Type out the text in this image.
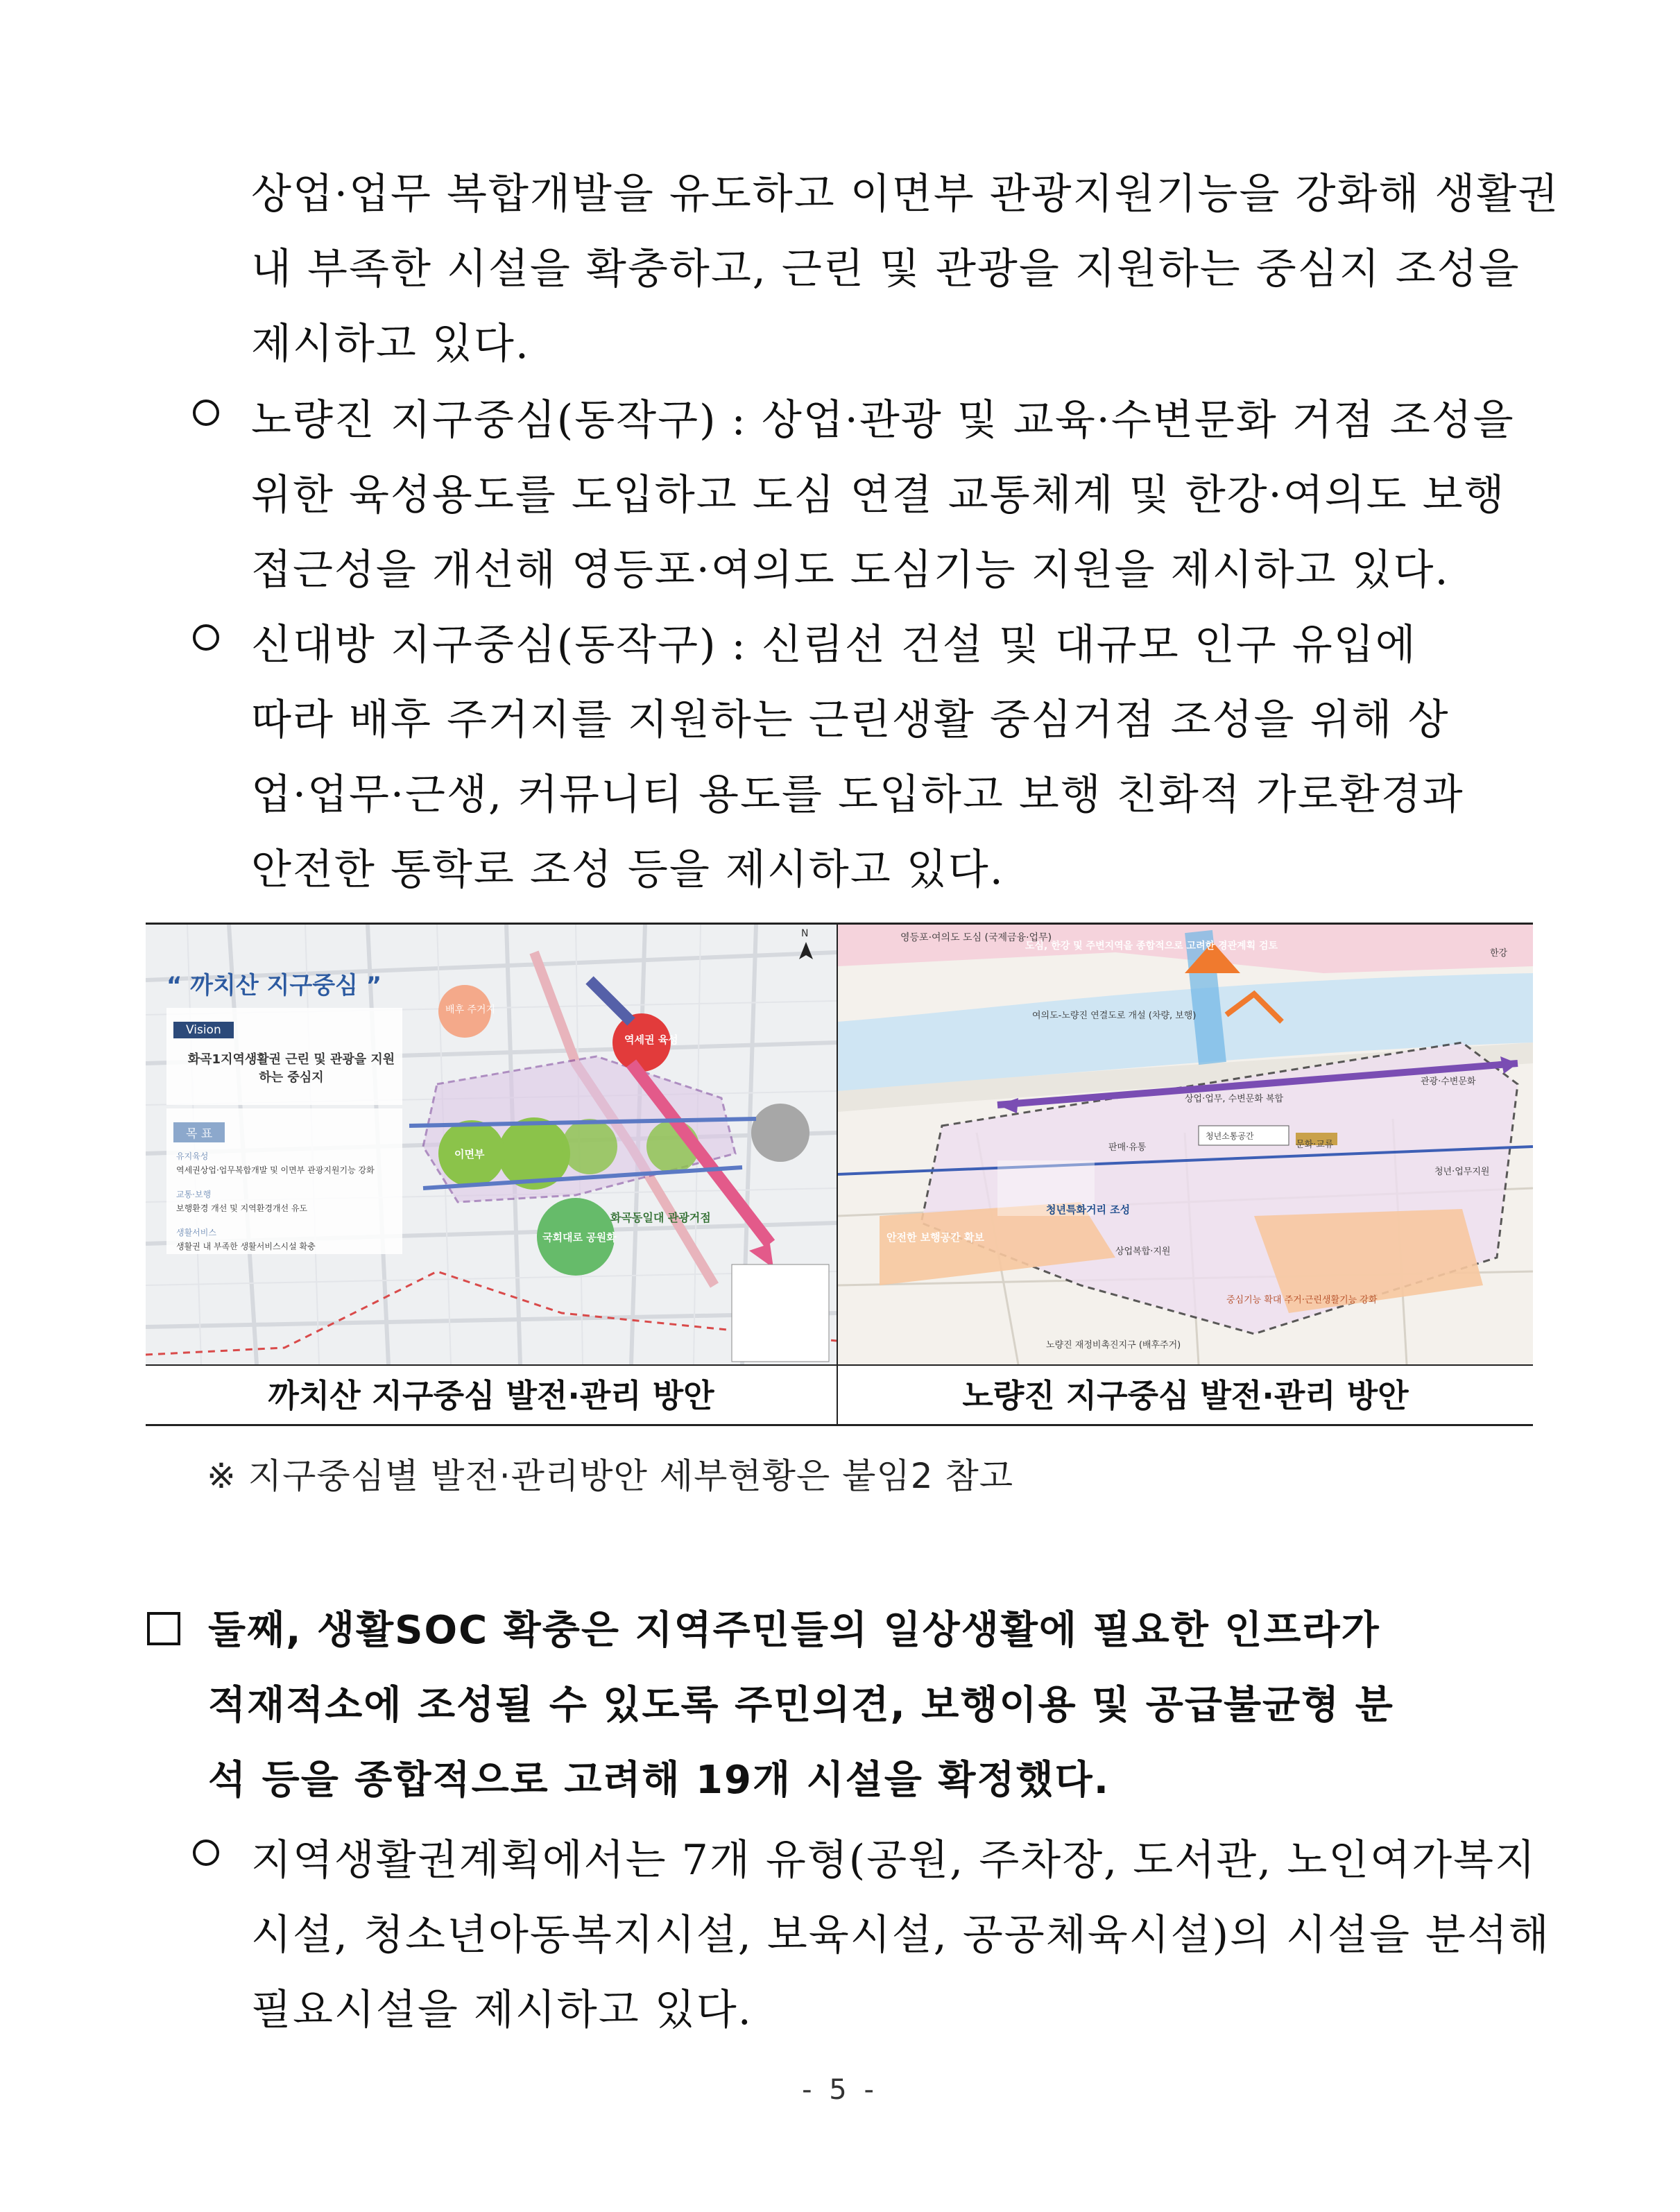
상업·업무 복합개발을 유도하고 이면부 관광지원기능을 강화해 생활권
내 부족한 시설을 확충하고, 근린 및 관광을 지원하는 중심지 조성을
제시하고 있다.
노량진 지구중심(동작구) : 상업·관광 및 교육·수변문화 거점 조성을
위한 육성용도를 도입하고 도심 연결 교통체계 및 한강·여의도 보행
접근성을 개선해 영등포·여의도 도심기능 지원을 제시하고 있다.
신대방 지구중심(동작구) : 신림선 건설 및 대규모 인구 유입에
따라 배후 주거지를 지원하는 근린생활 중심거점 조성을 위해 상
업·업무·근생, 커뮤니티 용도를 도입하고 보행 친화적 가로환경과
안전한 통학로 조성 등을 제시하고 있다.
“ 까치산 지구중심 ”
Vision
화곡1지역생활권 근린 및 관광을 지원하는 중심지
목 표
유지육성
역세권상업·업무복합개발 및 이면부 관광지원기능 강화
교통·보행
보행환경 개선 및 지역환경개선 유도
생활서비스
생활권 내 부족한 생활서비스시설 확충
역세권 육성
이면부
국회대로 공원화
화곡동일대 관광거점
배후 주거지
N	영등포·여의도 도심 (국제금융·업무)
도심, 한강 및 주변지역을 종합적으로 고려한 경관계획 검토
여의도-노량진 연결도로 개설 (차량, 보행)
상업·업무, 수변문화 복합
관광·수변문화
판매·유통	문화·교류
청년소통공간
청년·업무지원
청년특화거리 조성
안전한 보행공간 확보
상업복합·지원
중심기능 확대 주거·근린생활기능 강화
노량진 재정비촉진지구 (배후주거)
한강
까치산 지구중심 발전·관리 방안	노량진 지구중심 발전·관리 방안
※ 지구중심별 발전·관리방안 세부현황은 붙임2 참고
둘째, 생활SOC 확충은 지역주민들의 일상생활에 필요한 인프라가
적재적소에 조성될 수 있도록 주민의견, 보행이용 및 공급불균형 분
석 등을 종합적으로 고려해 19개 시설을 확정했다.
지역생활권계획에서는 7개 유형(공원, 주차장, 도서관, 노인여가복지
시설, 청소년아동복지시설, 보육시설, 공공체육시설)의 시설을 분석해
필요시설을 제시하고 있다.
- 5 -
